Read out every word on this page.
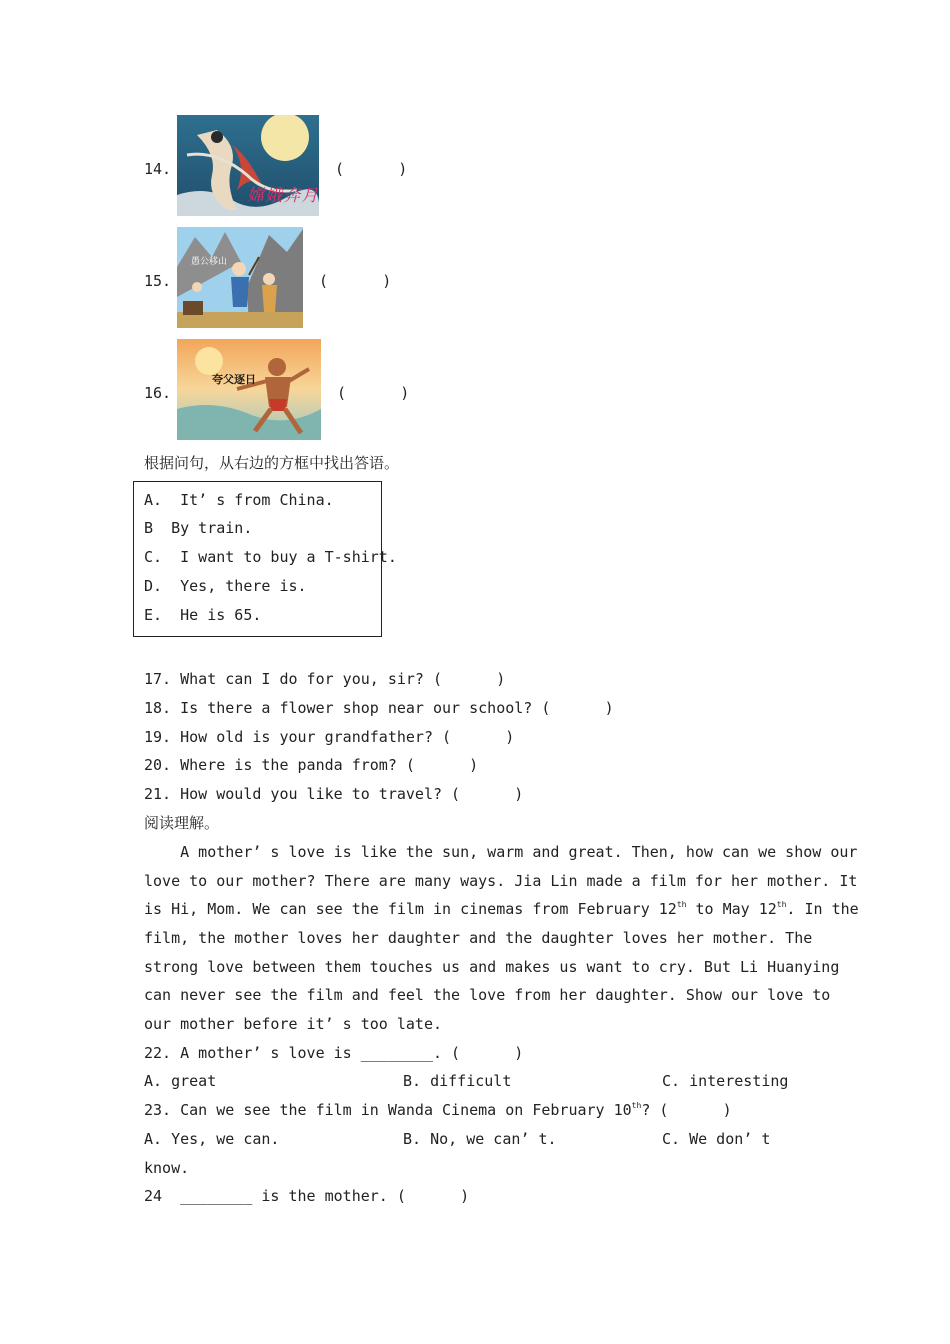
14.
嫦娥奔月
(      )
15.
愚公移山
(      )
16.
夸父逐日
(      )
根据问句，从右边的方框中找出答语。
A.  It’ s from China.
B  By train.
C.  I want to buy a T-shirt.
D.  Yes, there is.
E.  He is 65.
17. What can I do for you, sir? (      )
18. Is there a flower shop near our school? (      )
19. How old is your grandfather? (      )
20. Where is the panda from? (      )
21. How would you like to travel? (      )
阅读理解。
A mother’ s love is like the sun, warm and great. Then, how can we show our
love to our mother? There are many ways. Jia Lin made a film for her mother. It
is Hi, Mom. We can see the film in cinemas from February 12th to May 12th. In the
film, the mother loves her daughter and the daughter loves her mother. The
strong love between them touches us and makes us want to cry. But Li Huanying
can never see the film and feel the love from her daughter. Show our love to
our mother before it’ s too late.
22. A mother’ s love is ________. (      )
A. great	B. difficult	C. interesting
23. Can we see the film in Wanda Cinema on February 10th? (      )
A. Yes, we can.	B. No, we can’ t.	C. We don’ t
know.
24  ________ is the mother. (      )
